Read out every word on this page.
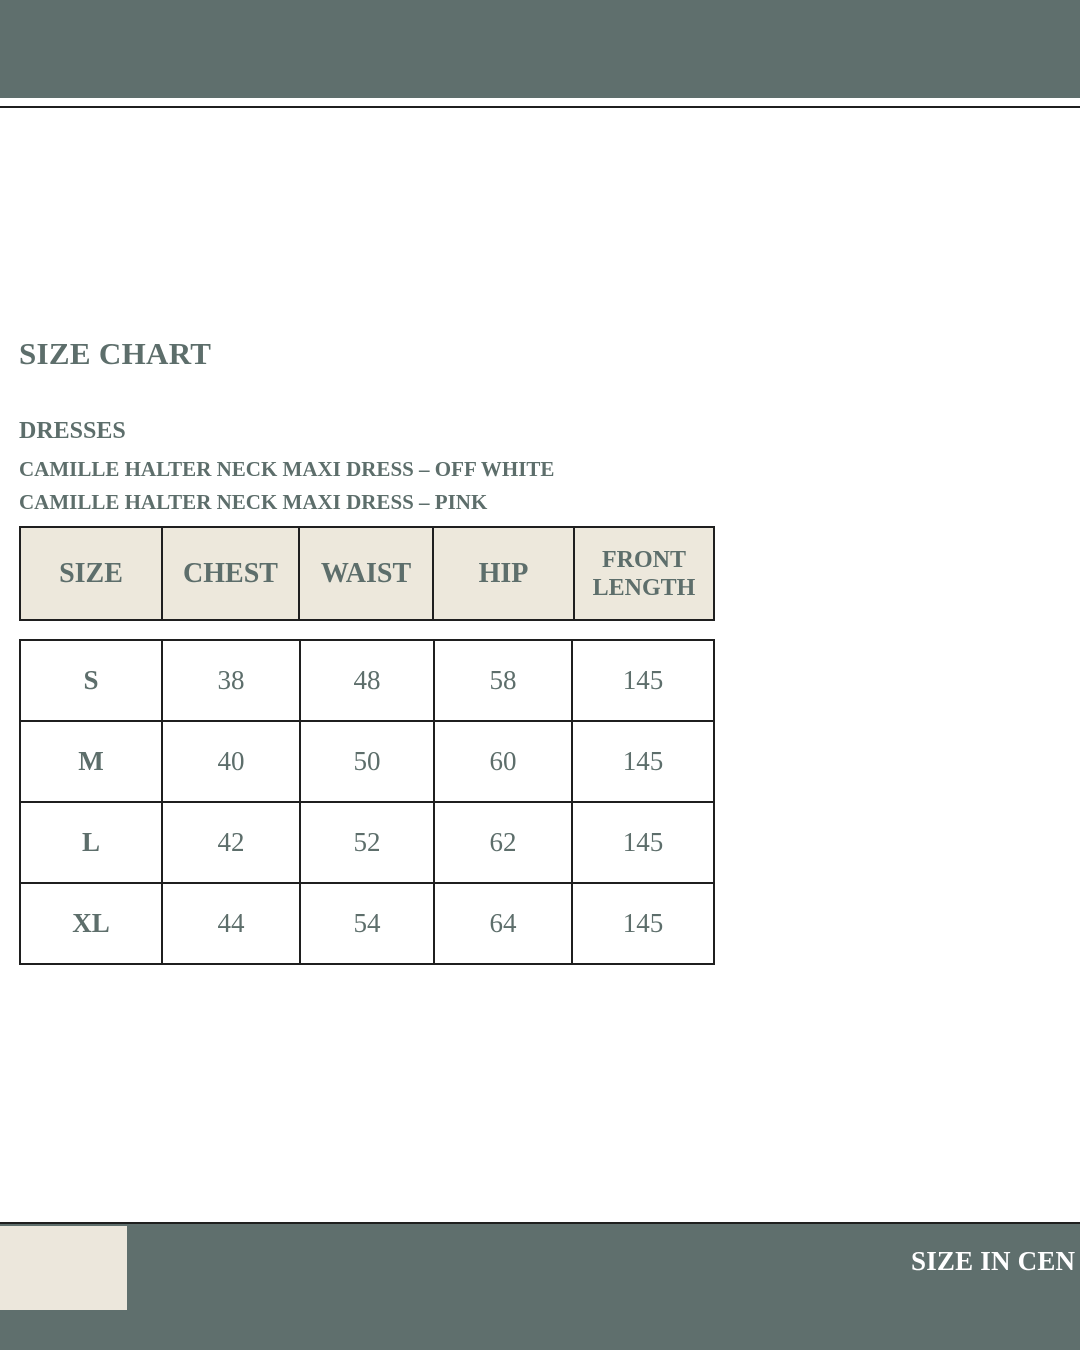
SIZE CHART
DRESSES
CAMILLE HALTER NECK MAXI DRESS – OFF WHITE
CAMILLE HALTER NECK MAXI DRESS – PINK
SIZE	CHEST	WAIST	HIP	FRONT
LENGTH
S	38	48	58	145
M	40	50	60	145
L	42	52	62	145
XL	44	54	64	145
SIZE IN CEN
